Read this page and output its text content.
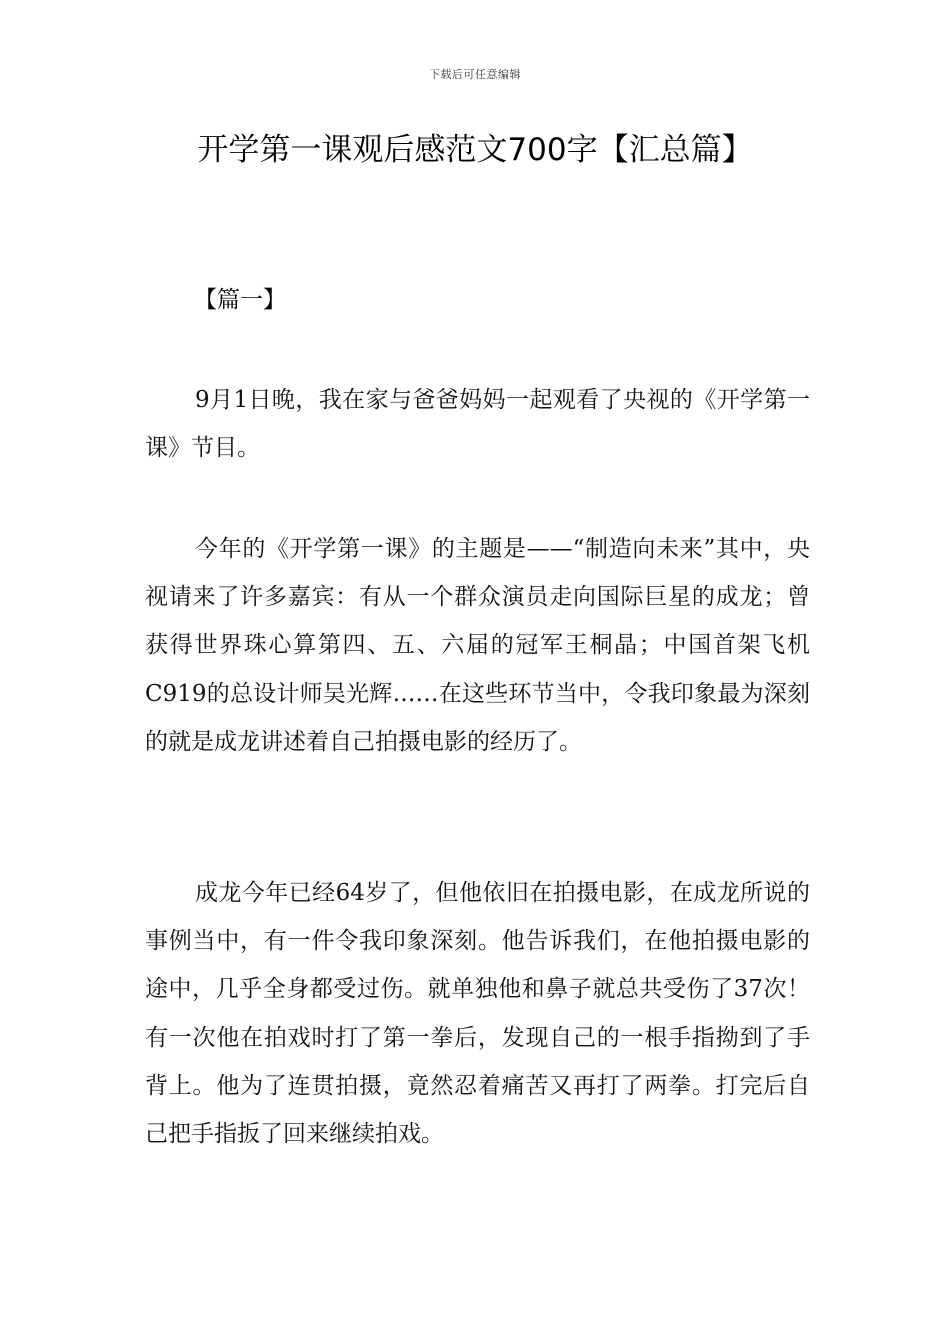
下载后可任意编辑
开学第一课观后感范文700字【汇总篇】
【篇一】

9月1日晚，我在家与爸爸妈妈一起观看了央视的《开学第一课》节目。

今年的《开学第一课》的主题是——“制造向未来”其中，央视请来了许多嘉宾：有从一个群众演员走向国际巨星的成龙；曾获得世界珠心算第四、五、六届的冠军王桐晶；中国首架飞机C919的总设计师吴光辉……在这些环节当中，令我印象最为深刻的就是成龙讲述着自己拍摄电影的经历了。

成龙今年已经64岁了，但他依旧在拍摄电影，在成龙所说的事例当中，有一件令我印象深刻。他告诉我们，在他拍摄电影的途中，几乎全身都受过伤。就单独他和鼻子就总共受伤了37次！有一次他在拍戏时打了第一拳后，发现自己的一根手指拗到了手背上。他为了连贯拍摄，竟然忍着痛苦又再打了两拳。打完后自己把手指扳了回来继续拍戏。
